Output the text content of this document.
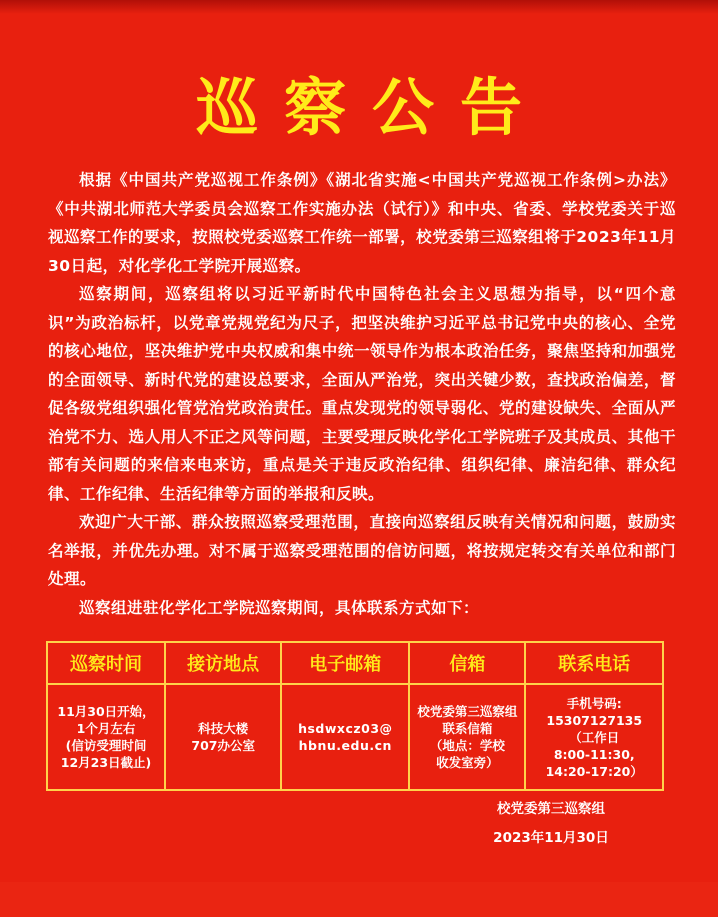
巡察公告

根据《中国共产党巡视工作条例》《湖北省实施<中国共产党巡视工作条例>办法》《中共湖北师范大学委员会巡察工作实施办法（试行）》和中央、省委、学校党委关于巡视巡察工作的要求，按照校党委巡察工作统一部署，校党委第三巡察组将于2023年11月30日起，对化学化工学院开展巡察。

巡察期间，巡察组将以习近平新时代中国特色社会主义思想为指导，以“四个意识”为政治标杆，以党章党规党纪为尺子，把坚决维护习近平总书记党中央的核心、全党的核心地位，坚决维护党中央权威和集中统一领导作为根本政治任务，聚焦坚持和加强党的全面领导、新时代党的建设总要求，全面从严治党，突出关键少数，查找政治偏差，督促各级党组织强化管党治党政治责任。重点发现党的领导弱化、党的建设缺失、全面从严治党不力、选人用人不正之风等问题，主要受理反映化学化工学院班子及其成员、其他干部有关问题的来信来电来访，重点是关于违反政治纪律、组织纪律、廉洁纪律、群众纪律、工作纪律、生活纪律等方面的举报和反映。

欢迎广大干部、群众按照巡察受理范围，直接向巡察组反映有关情况和问题，鼓励实名举报，并优先办理。对不属于巡察受理范围的信访问题，将按规定转交有关单位和部门处理。

巡察组进驻化学化工学院巡察期间，具体联系方式如下：

巡察时间	接访地点	电子邮箱	信箱	联系电话

11月30日开始，
1个月左右
(信访受理时间
12月23日截止)	科技大楼
707办公室	hsdwxcz03@
hbnu.edu.cn	校党委第三巡察组
联系信箱
（地点：学校
收发室旁）	手机号码:
15307127135
（工作日
8:00-11:30,
14:20-17:20）
校党委第三巡察组
2023年11月30日
